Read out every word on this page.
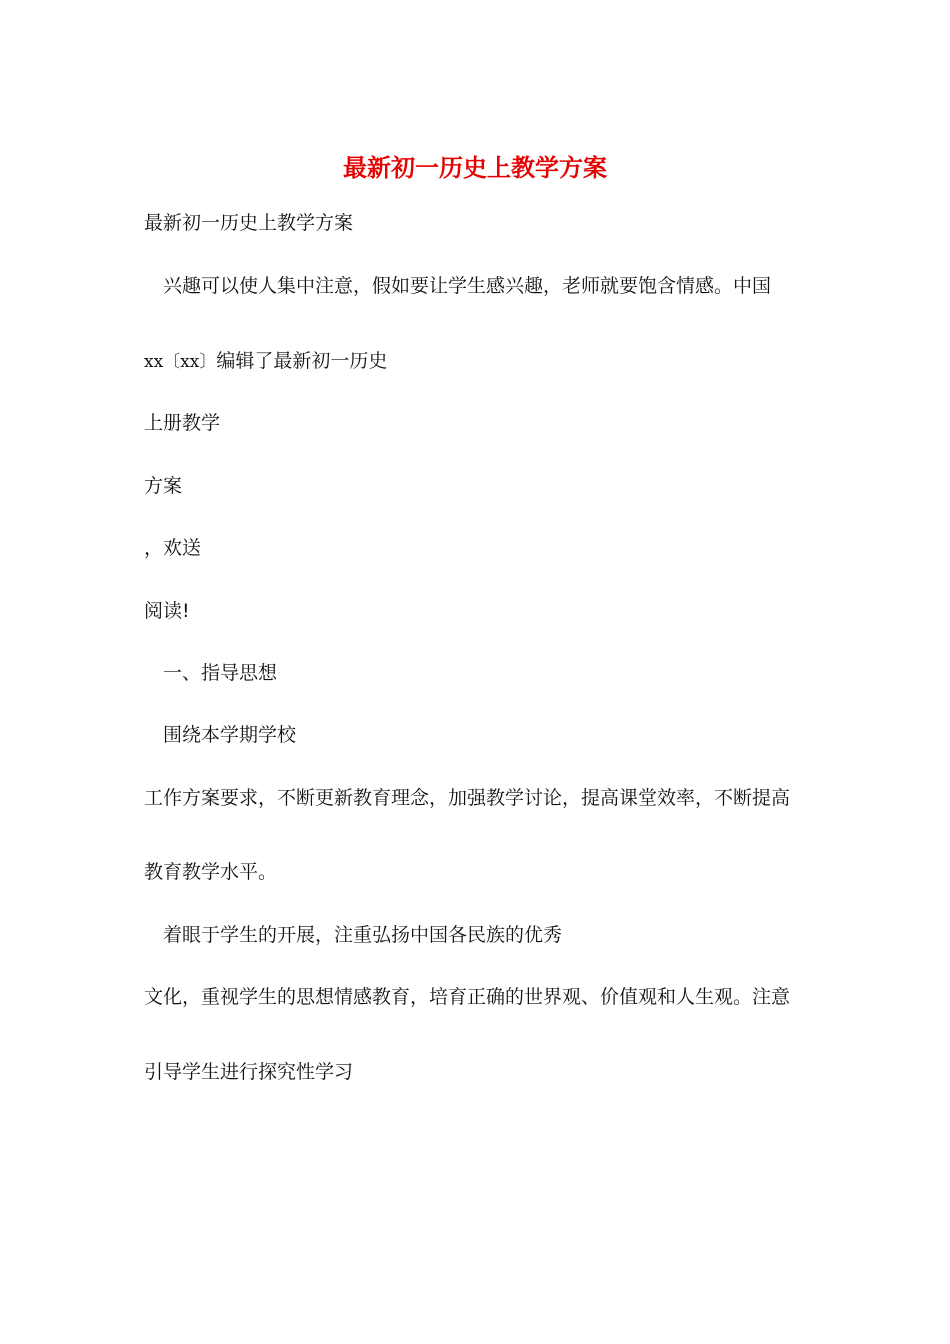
最新初一历史上教学方案
最新初一历史上教学方案
兴趣可以使人集中注意，假如要让学生感兴趣，老师就要饱含情感。中国
xx〔xx〕编辑了最新初一历史
上册教学
方案
，欢送
阅读!
一、指导思想
围绕本学期学校
工作方案要求，不断更新教育理念，加强教学讨论，提高课堂效率，不断提高
教育教学水平。
着眼于学生的开展，注重弘扬中国各民族的优秀
文化，重视学生的思想情感教育，培育正确的世界观、价值观和人生观。注意
引导学生进行探究性学习
